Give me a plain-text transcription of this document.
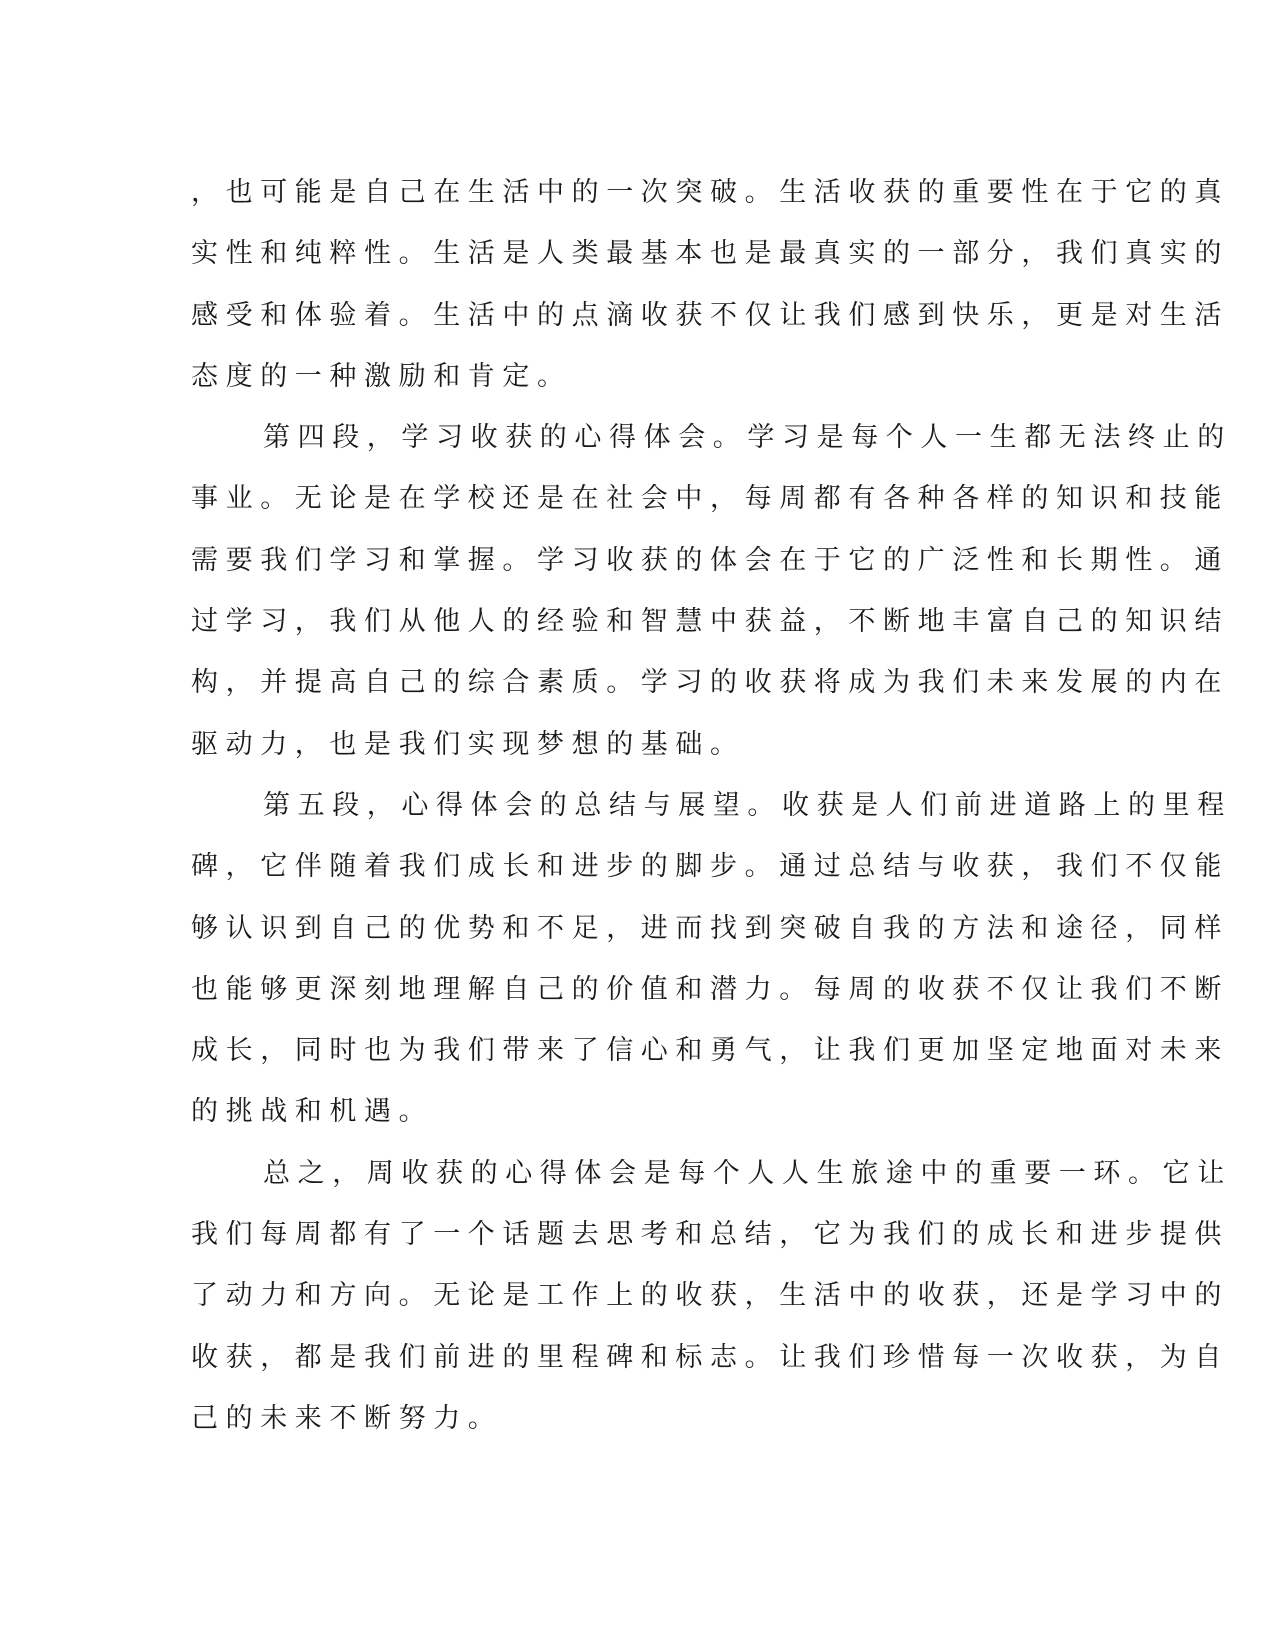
，也可能是自己在生活中的一次突破。生活收获的重要性在于它的真
实性和纯粹性。生活是人类最基本也是最真实的一部分，我们真实的
感受和体验着。生活中的点滴收获不仅让我们感到快乐，更是对生活
态度的一种激励和肯定。
第四段，学习收获的心得体会。学习是每个人一生都无法终止的
事业。无论是在学校还是在社会中，每周都有各种各样的知识和技能
需要我们学习和掌握。学习收获的体会在于它的广泛性和长期性。通
过学习，我们从他人的经验和智慧中获益，不断地丰富自己的知识结
构，并提高自己的综合素质。学习的收获将成为我们未来发展的内在
驱动力，也是我们实现梦想的基础。
第五段，心得体会的总结与展望。收获是人们前进道路上的里程
碑，它伴随着我们成长和进步的脚步。通过总结与收获，我们不仅能
够认识到自己的优势和不足，进而找到突破自我的方法和途径，同样
也能够更深刻地理解自己的价值和潜力。每周的收获不仅让我们不断
成长，同时也为我们带来了信心和勇气，让我们更加坚定地面对未来
的挑战和机遇。
总之，周收获的心得体会是每个人人生旅途中的重要一环。它让
我们每周都有了一个话题去思考和总结，它为我们的成长和进步提供
了动力和方向。无论是工作上的收获，生活中的收获，还是学习中的
收获，都是我们前进的里程碑和标志。让我们珍惜每一次收获，为自
己的未来不断努力。
